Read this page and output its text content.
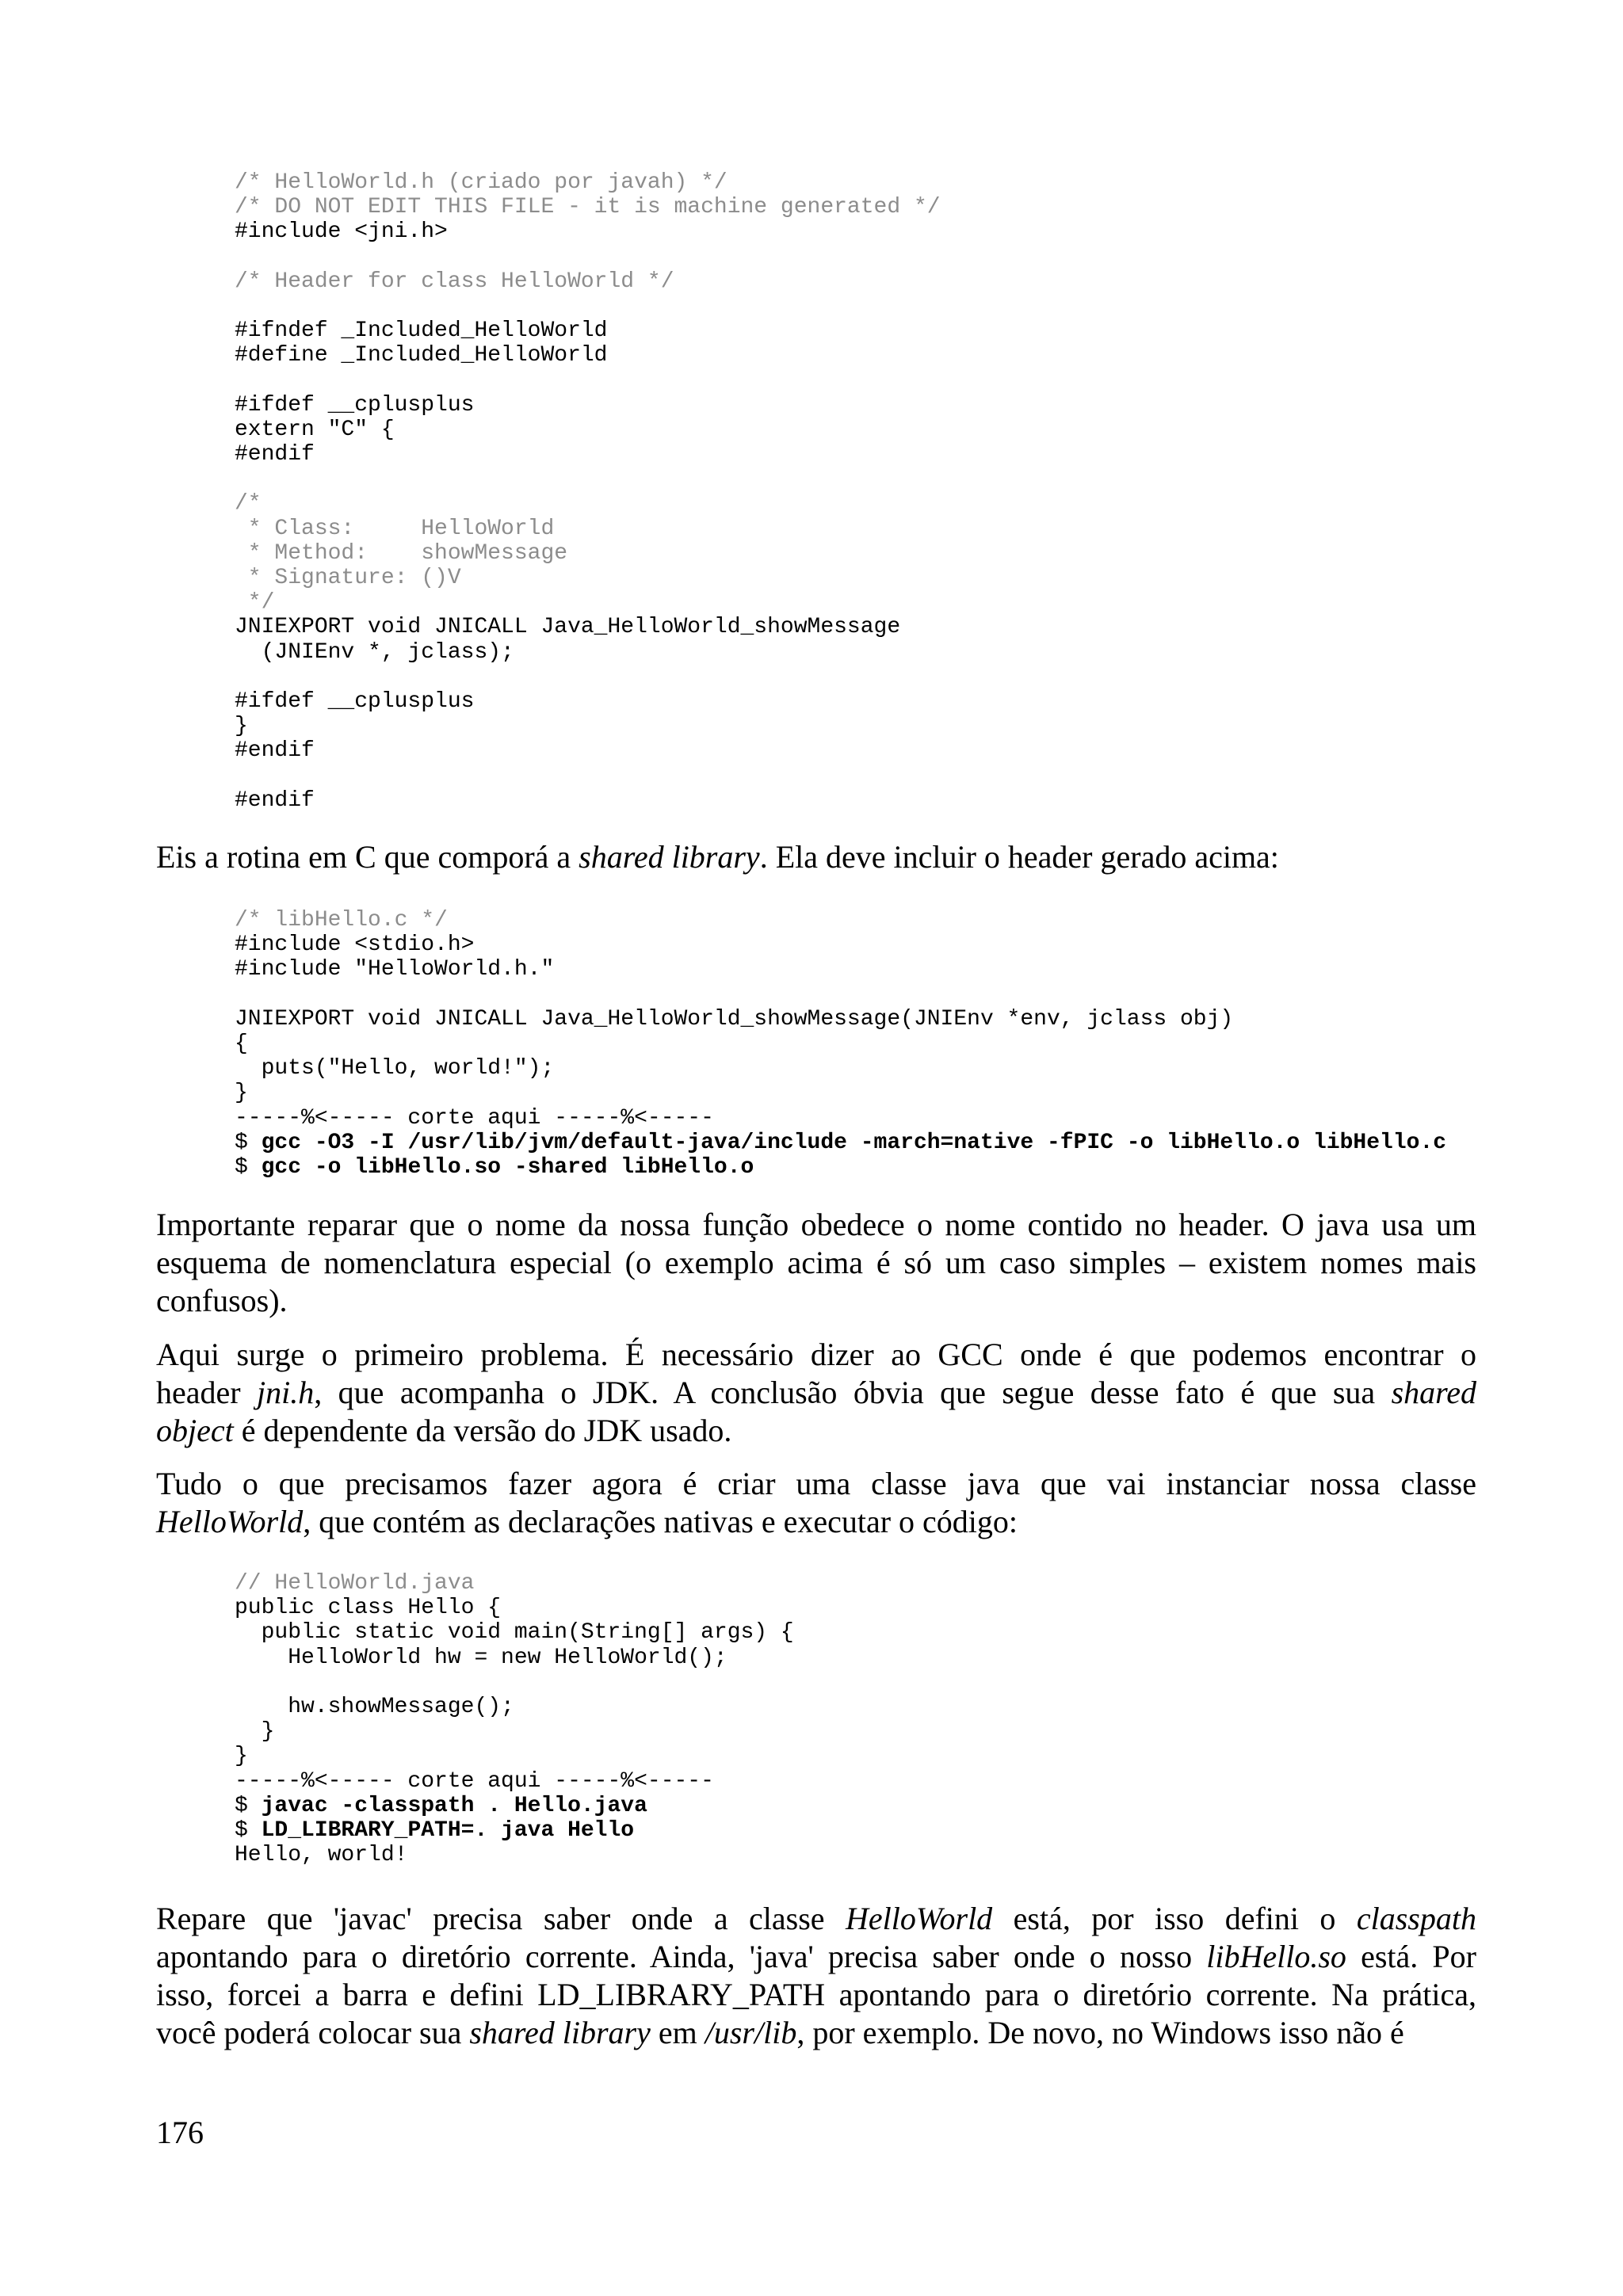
/* HelloWorld.h (criado por javah) */
/* DO NOT EDIT THIS FILE - it is machine generated */
#include <jni.h>
/* Header for class HelloWorld */
#ifndef _Included_HelloWorld
#define _Included_HelloWorld
#ifdef __cplusplus
extern "C" {
#endif
/*
* Class:     HelloWorld
* Method:    showMessage
* Signature: ()V
*/
JNIEXPORT void JNICALL Java_HelloWorld_showMessage
(JNIEnv *, jclass);
#ifdef __cplusplus
}
#endif
#endif
Eis a rotina em C que comporá a shared library. Ela deve incluir o header gerado acima:
/* libHello.c */
#include <stdio.h>
#include "HelloWorld.h."
JNIEXPORT void JNICALL Java_HelloWorld_showMessage(JNIEnv *env, jclass obj)
{
puts("Hello, world!");
}
-----%<----- corte aqui -----%<-----
$ gcc -O3 -I /usr/lib/jvm/default-java/include -march=native -fPIC -o libHello.o libHello.c
$ gcc -o libHello.so -shared libHello.o
Importante reparar que o nome da nossa função obedece o nome contido no header. O java usa um
esquema de nomenclatura especial (o exemplo acima é só um caso simples – existem nomes mais
confusos).
Aqui surge o primeiro problema. É necessário dizer ao GCC onde é que podemos encontrar o
header jni.h, que acompanha o JDK. A conclusão óbvia que segue desse fato é que sua shared
object é dependente da versão do JDK usado.
Tudo o que precisamos fazer agora é criar uma classe java que vai instanciar nossa classe
HelloWorld, que contém as declarações nativas e executar o código:
// HelloWorld.java
public class Hello {
public static void main(String[] args) {
HelloWorld hw = new HelloWorld();
hw.showMessage();
}
}
-----%<----- corte aqui -----%<-----
$ javac -classpath . Hello.java
$ LD_LIBRARY_PATH=. java Hello
Hello, world!
Repare que 'javac' precisa saber onde a classe HelloWorld está, por isso defini o classpath
apontando para o diretório corrente. Ainda, 'java' precisa saber onde o nosso libHello.so está. Por
isso, forcei a barra e defini LD_LIBRARY_PATH apontando para o diretório corrente. Na prática,
você poderá colocar sua shared library em /usr/lib, por exemplo. De novo, no Windows isso não é
176
